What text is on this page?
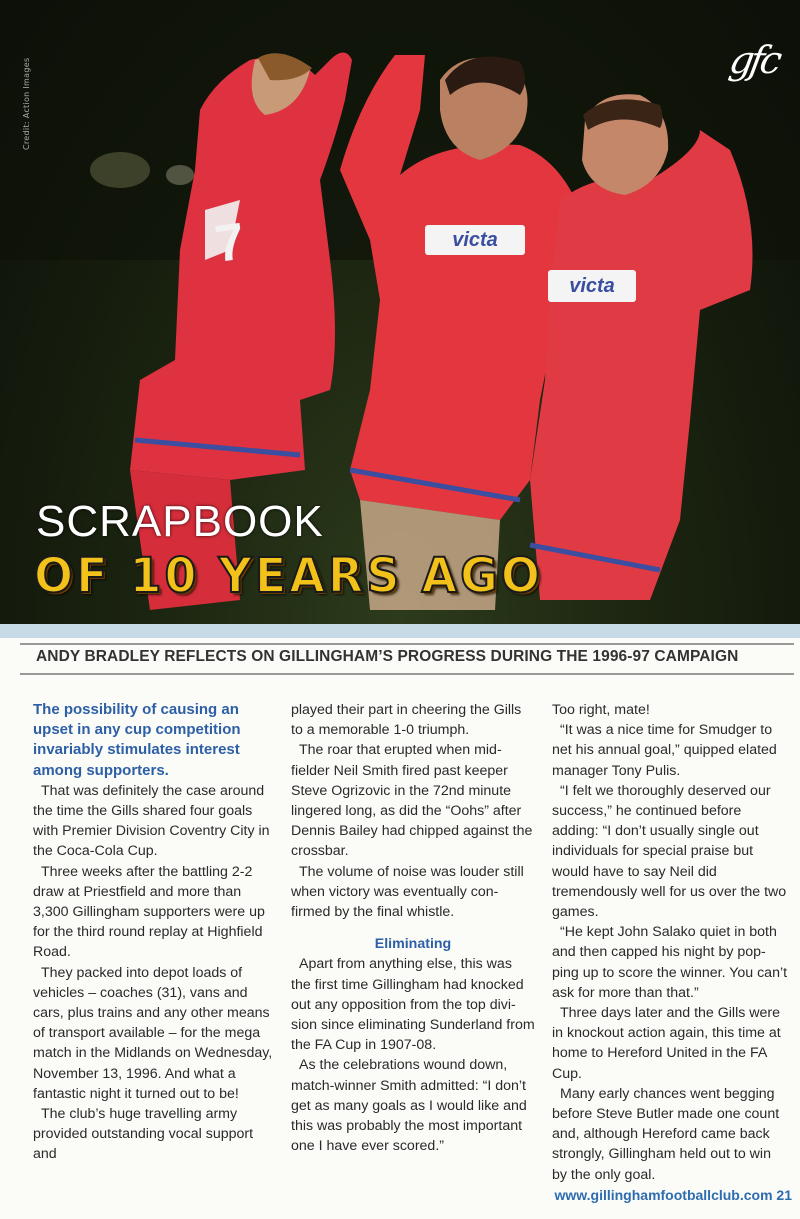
victa
victa
7
Credit: Action Images	gfc
SCRAPBOOK
OF 10 YEARS AGO
ANDY BRADLEY REFLECTS ON GILLINGHAM’S PROGRESS DURING THE 1996-97 CAMPAIGN
The possibility of causing an upset in any cup competition invariably stimulates interest among supporters.

That was definitely the case around the time the Gills shared four goals with Premier Division Coventry City in the Coca-Cola Cup.

Three weeks after the battling 2-2 draw at Priestfield and more than 3,300 Gillingham supporters were up for the third round replay at Highfield Road.

They packed into depot loads of vehicles – coaches (31), vans and cars, plus trains and any other means of transport available – for the mega match in the Midlands on Wednesday, November 13, 1996. And what a fantastic night it turned out to be!

The club’s huge travelling army provided outstanding vocal support and

played their part in cheering the Gills to a memorable 1-0 triumph.

The roar that erupted when mid-fielder Neil Smith fired past keeper Steve Ogrizovic in the 72nd minute lingered long, as did the “Oohs” after Dennis Bailey had chipped against the crossbar.

The volume of noise was louder still when victory was eventually con-firmed by the final whistle.

Eliminating

Apart from anything else, this was the first time Gillingham had knocked out any opposition from the top divi-sion since eliminating Sunderland from the FA Cup in 1907-08.

As the celebrations wound down, match-winner Smith admitted: “I don’t get as many goals as I would like and this was probably the most important one I have ever scored.”

Too right, mate!

“It was a nice time for Smudger to net his annual goal,” quipped elated manager Tony Pulis.

“I felt we thoroughly deserved our success,” he continued before adding: “I don’t usually single out individuals for special praise but would have to say Neil did tremendously well for us over the two games.

“He kept John Salako quiet in both and then capped his night by pop-ping up to score the winner. You can’t ask for more than that.”

Three days later and the Gills were in knockout action again, this time at home to Hereford United in the FA Cup.

Many early chances went begging before Steve Butler made one count and, although Hereford came back strongly, Gillingham held out to win by the only goal.

www.gillinghamfootballclub.com 21
